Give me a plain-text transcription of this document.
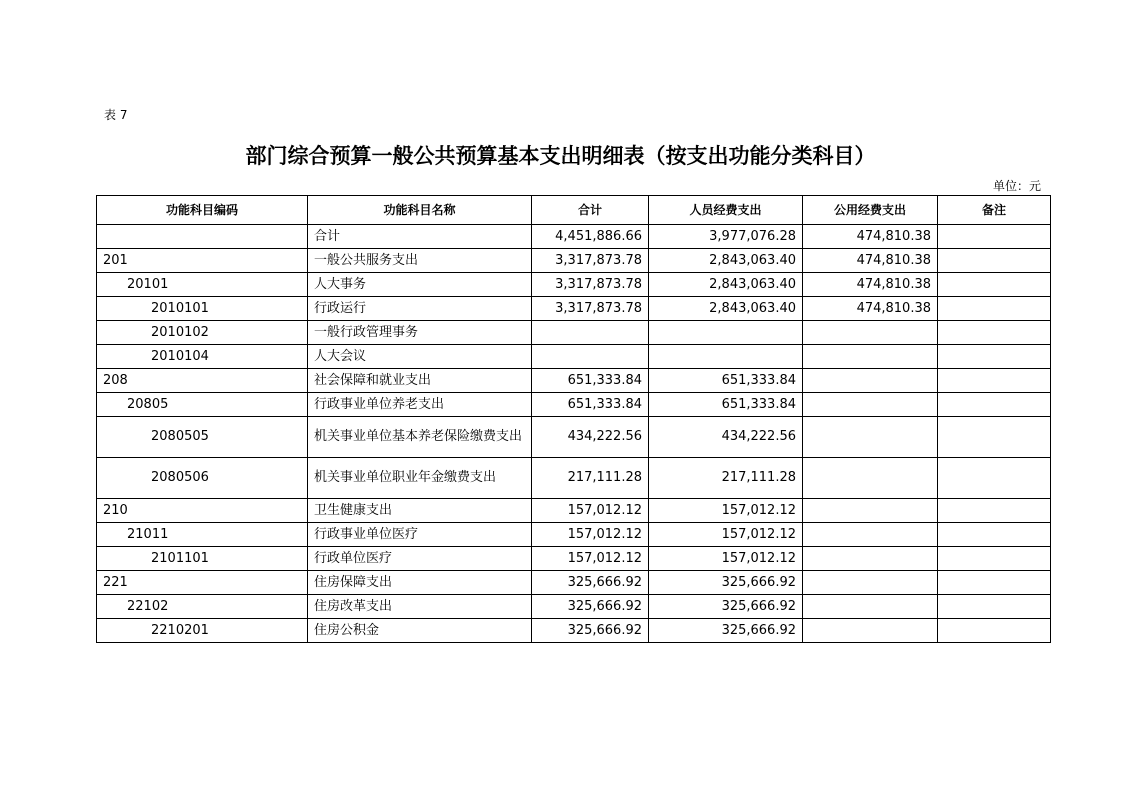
表 7
部门综合预算一般公共预算基本支出明细表（按支出功能分类科目）
单位：元
功能科目编码	功能科目名称	合计	人员经费支出	公用经费支出	备注
	合计	4,451,886.66	3,977,076.28	474,810.38	
201	一般公共服务支出	3,317,873.78	2,843,063.40	474,810.38	
20101	人大事务	3,317,873.78	2,843,063.40	474,810.38	
2010101	行政运行	3,317,873.78	2,843,063.40	474,810.38	
2010102	一般行政管理事务				
2010104	人大会议				
208	社会保障和就业支出	651,333.84	651,333.84		
20805	行政事业单位养老支出	651,333.84	651,333.84		
2080505	机关事业单位基本养老保险缴费支出	434,222.56	434,222.56		
2080506	机关事业单位职业年金缴费支出	217,111.28	217,111.28		
210	卫生健康支出	157,012.12	157,012.12		
21011	行政事业单位医疗	157,012.12	157,012.12		
2101101	行政单位医疗	157,012.12	157,012.12		
221	住房保障支出	325,666.92	325,666.92		
22102	住房改革支出	325,666.92	325,666.92		
2210201	住房公积金	325,666.92	325,666.92		
